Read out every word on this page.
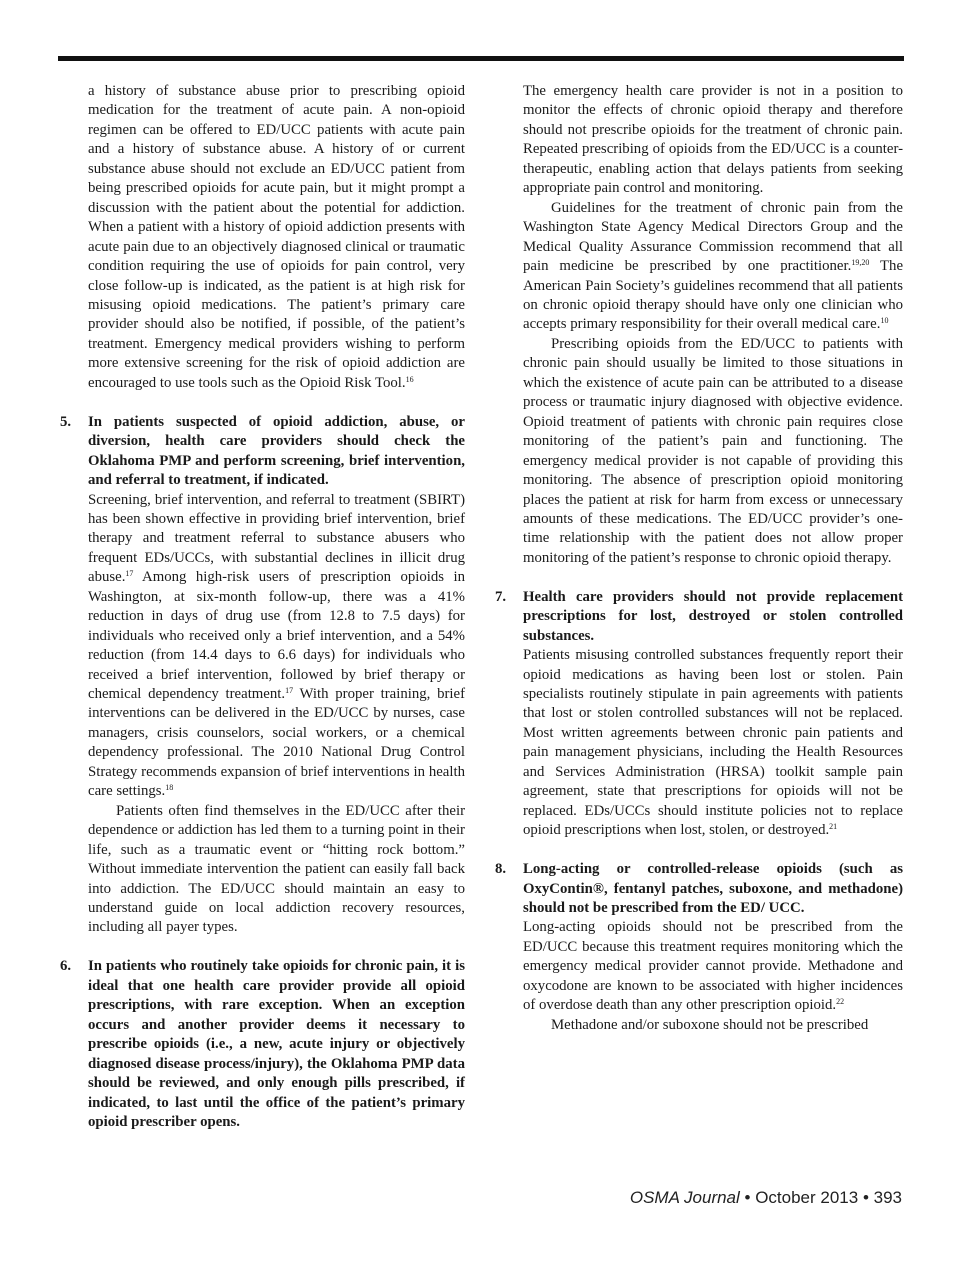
a history of substance abuse prior to prescribing opioid medication for the treatment of acute pain. A non-opioid regimen can be offered to ED/UCC patients with acute pain and a history of substance abuse. A history of or current substance abuse should not exclude an ED/UCC patient from being prescribed opioids for acute pain, but it might prompt a discussion with the patient about the potential for addiction. When a patient with a history of opioid addiction presents with acute pain due to an objectively diagnosed clinical or traumatic condition requiring the use of opioids for pain control, very close follow-up is indicated, as the patient is at high risk for misusing opioid medications. The patient’s primary care provider should also be notified, if possible, of the patient’s treatment. Emergency medical providers wishing to perform more extensive screening for the risk of opioid addiction are encouraged to use tools such as the Opioid Risk Tool.$^{16}$

5. In patients suspected of opioid addiction, abuse, or diversion, health care providers should check the Oklahoma PMP and perform screening, brief intervention, and referral to treatment, if indicated.

Screening, brief intervention, and referral to treatment (SBIRT) has been shown effective in providing brief intervention, brief therapy and treatment referral to substance abusers who frequent EDs/UCCs, with substantial declines in illicit drug abuse.$^{17}$ Among high-risk users of prescription opioids in Washington, at six-month follow-up, there was a 41% reduction in days of drug use (from 12.8 to 7.5 days) for individuals who received only a brief intervention, and a 54% reduction (from 14.4 days to 6.6 days) for individuals who received a brief intervention, followed by brief therapy or chemical dependency treatment.$^{17}$ With proper training, brief interventions can be delivered in the ED/UCC by nurses, case managers, crisis counselors, social workers, or a chemical dependency professional. The 2010 National Drug Control Strategy recommends expansion of brief interventions in health care settings.$^{18}$

Patients often find themselves in the ED/UCC after their dependence or addiction has led them to a turning point in their life, such as a traumatic event or “hitting rock bottom.” Without immediate intervention the patient can easily fall back into addiction. The ED/UCC should maintain an easy to understand guide on local addiction recovery resources, including all payer types.

6. In patients who routinely take opioids for chronic pain, it is ideal that one health care provider provide all opioid prescriptions, with rare exception. When an exception occurs and another provider deems it necessary to prescribe opioids (i.e., a new, acute injury or objectively diagnosed disease process/injury), the Oklahoma PMP data should be reviewed, and only enough pills prescribed, if indicated, to last until the office of the patient’s primary opioid prescriber opens.

The emergency health care provider is not in a position to monitor the effects of chronic opioid therapy and therefore should not prescribe opioids for the treatment of chronic pain. Repeated prescribing of opioids from the ED/UCC is a counter-therapeutic, enabling action that delays patients from seeking appropriate pain control and monitoring.

Guidelines for the treatment of chronic pain from the Washington State Agency Medical Directors Group and the Medical Quality Assurance Commission recommend that all pain medicine be prescribed by one practitioner.$^{19,20}$ The American Pain Society’s guidelines recommend that all patients on chronic opioid therapy should have only one clinician who accepts primary responsibility for their overall medical care.$^{10}$

Prescribing opioids from the ED/UCC to patients with chronic pain should usually be limited to those situations in which the existence of acute pain can be attributed to a disease process or traumatic injury diagnosed with objective evidence. Opioid treatment of patients with chronic pain requires close monitoring of the patient’s pain and functioning. The emergency medical provider is not capable of providing this monitoring. The absence of prescription opioid monitoring places the patient at risk for harm from excess or unnecessary amounts of these medications. The ED/UCC provider’s one-time relationship with the patient does not allow proper monitoring of the patient’s response to chronic opioid therapy.

7. Health care providers should not provide replacement prescriptions for lost, destroyed or stolen controlled substances.

Patients misusing controlled substances frequently report their opioid medications as having been lost or stolen. Pain specialists routinely stipulate in pain agreements with patients that lost or stolen controlled substances will not be replaced. Most written agreements between chronic pain patients and pain management physicians, including the Health Resources and Services Administration (HRSA) toolkit sample pain agreement, state that prescriptions for opioids will not be replaced. EDs/UCCs should institute policies not to replace opioid prescriptions when lost, stolen, or destroyed.$^{21}$

8. Long-acting or controlled-release opioids (such as OxyContin®, fentanyl patches, suboxone, and methadone) should not be prescribed from the ED/ UCC.

Long-acting opioids should not be prescribed from the ED/UCC because this treatment requires monitoring which the emergency medical provider cannot provide. Methadone and oxycodone are known to be associated with higher incidences of overdose death than any other prescription opioid.$^{22}$

Methadone and/or suboxone should not be prescribed

OSMA Journal • October 2013 • 393
